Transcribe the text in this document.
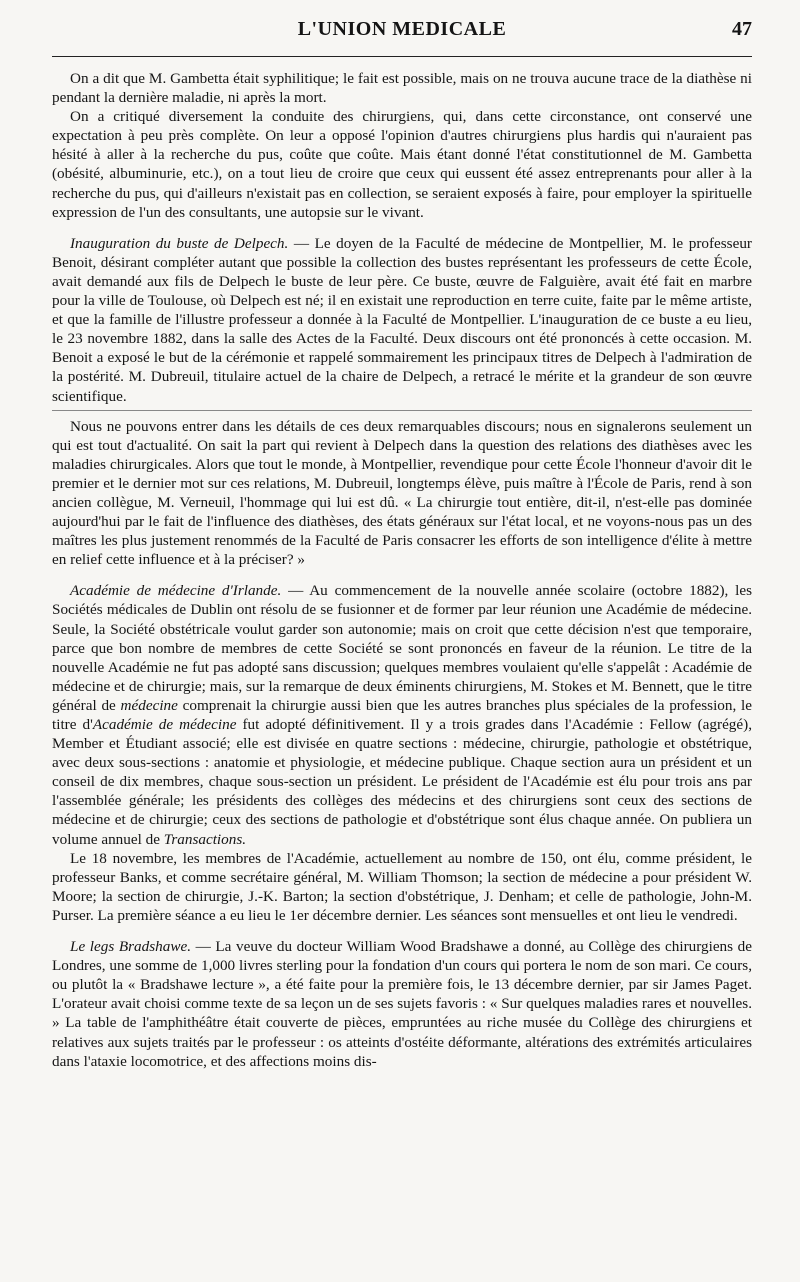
L'UNION MEDICALE	47

On a dit que M. Gambetta était syphilitique; le fait est possible, mais on ne trouva aucune trace de la diathèse ni pendant la dernière maladie, ni après la mort.

On a critiqué diversement la conduite des chirurgiens, qui, dans cette circonstance, ont conservé une expectation à peu près complète. On leur a opposé l'opinion d'autres chirurgiens plus hardis qui n'auraient pas hésité à aller à la recherche du pus, coûte que coûte. Mais étant donné l'état constitutionnel de M. Gambetta (obésité, albuminurie, etc.), on a tout lieu de croire que ceux qui eussent été assez entreprenants pour aller à la recherche du pus, qui d'ailleurs n'existait pas en collection, se seraient exposés à faire, pour employer la spirituelle expression de l'un des consultants, une autopsie sur le vivant.

Inauguration du buste de Delpech. — Le doyen de la Faculté de médecine de Montpellier, M. le professeur Benoit, désirant compléter autant que possible la collection des bustes représentant les professeurs de cette École, avait demandé aux fils de Delpech le buste de leur père. Ce buste, œuvre de Falguière, avait été fait en marbre pour la ville de Toulouse, où Delpech est né; il en existait une reproduction en terre cuite, faite par le même artiste, et que la famille de l'illustre professeur a donnée à la Faculté de Montpellier. L'inauguration de ce buste a eu lieu, le 23 novembre 1882, dans la salle des Actes de la Faculté. Deux discours ont été prononcés à cette occasion. M. Benoit a exposé le but de la cérémonie et rappelé sommairement les principaux titres de Delpech à l'admiration de la postérité. M. Dubreuil, titulaire actuel de la chaire de Delpech, a retracé le mérite et la grandeur de son œuvre scientifique.

Nous ne pouvons entrer dans les détails de ces deux remarquables discours; nous en signalerons seulement un qui est tout d'actualité. On sait la part qui revient à Delpech dans la question des relations des diathèses avec les maladies chirurgicales. Alors que tout le monde, à Montpellier, revendique pour cette École l'honneur d'avoir dit le premier et le dernier mot sur ces relations, M. Dubreuil, longtemps élève, puis maître à l'École de Paris, rend à son ancien collègue, M. Verneuil, l'hommage qui lui est dû. « La chirurgie tout entière, dit-il, n'est-elle pas dominée aujourd'hui par le fait de l'influence des diathèses, des états généraux sur l'état local, et ne voyons-nous pas un des maîtres les plus justement renommés de la Faculté de Paris consacrer les efforts de son intelligence d'élite à mettre en relief cette influence et à la préciser? »

Académie de médecine d'Irlande. — Au commencement de la nouvelle année scolaire (octobre 1882), les Sociétés médicales de Dublin ont résolu de se fusionner et de former par leur réunion une Académie de médecine. Seule, la Société obstétricale voulut garder son autonomie; mais on croit que cette décision n'est que temporaire, parce que bon nombre de membres de cette Société se sont prononcés en faveur de la réunion. Le titre de la nouvelle Académie ne fut pas adopté sans discussion; quelques membres voulaient qu'elle s'appelât : Académie de médecine et de chirurgie; mais, sur la remarque de deux éminents chirurgiens, M. Stokes et M. Bennett, que le titre général de médecine comprenait la chirurgie aussi bien que les autres branches plus spéciales de la profession, le titre d'Académie de médecine fut adopté définitivement. Il y a trois grades dans l'Académie : Fellow (agrégé), Member et Étudiant associé; elle est divisée en quatre sections : médecine, chirurgie, pathologie et obstétrique, avec deux sous-sections : anatomie et physiologie, et médecine publique. Chaque section aura un président et un conseil de dix membres, chaque sous-section un président. Le président de l'Académie est élu pour trois ans par l'assemblée générale; les présidents des collèges des médecins et des chirurgiens sont ceux des sections de médecine et de chirurgie; ceux des sections de pathologie et d'obstétrique sont élus chaque année. On publiera un volume annuel de Transactions.

Le 18 novembre, les membres de l'Académie, actuellement au nombre de 150, ont élu, comme président, le professeur Banks, et comme secrétaire général, M. William Thomson; la section de médecine a pour président W. Moore; la section de chirurgie, J.-K. Barton; la section d'obstétrique, J. Denham; et celle de pathologie, John-M. Purser. La première séance a eu lieu le 1er décembre dernier. Les séances sont mensuelles et ont lieu le vendredi.

Le legs Bradshawe. — La veuve du docteur William Wood Bradshawe a donné, au Collège des chirurgiens de Londres, une somme de 1,000 livres sterling pour la fondation d'un cours qui portera le nom de son mari. Ce cours, ou plutôt la « Bradshawe lecture », a été faite pour la première fois, le 13 décembre dernier, par sir James Paget. L'orateur avait choisi comme texte de sa leçon un de ses sujets favoris : « Sur quelques maladies rares et nouvelles. » La table de l'amphithéâtre était couverte de pièces, empruntées au riche musée du Collège des chirurgiens et relatives aux sujets traités par le professeur : os atteints d'ostéite déformante, altérations des extrémités articulaires dans l'ataxie locomotrice, et des affections moins dis-
